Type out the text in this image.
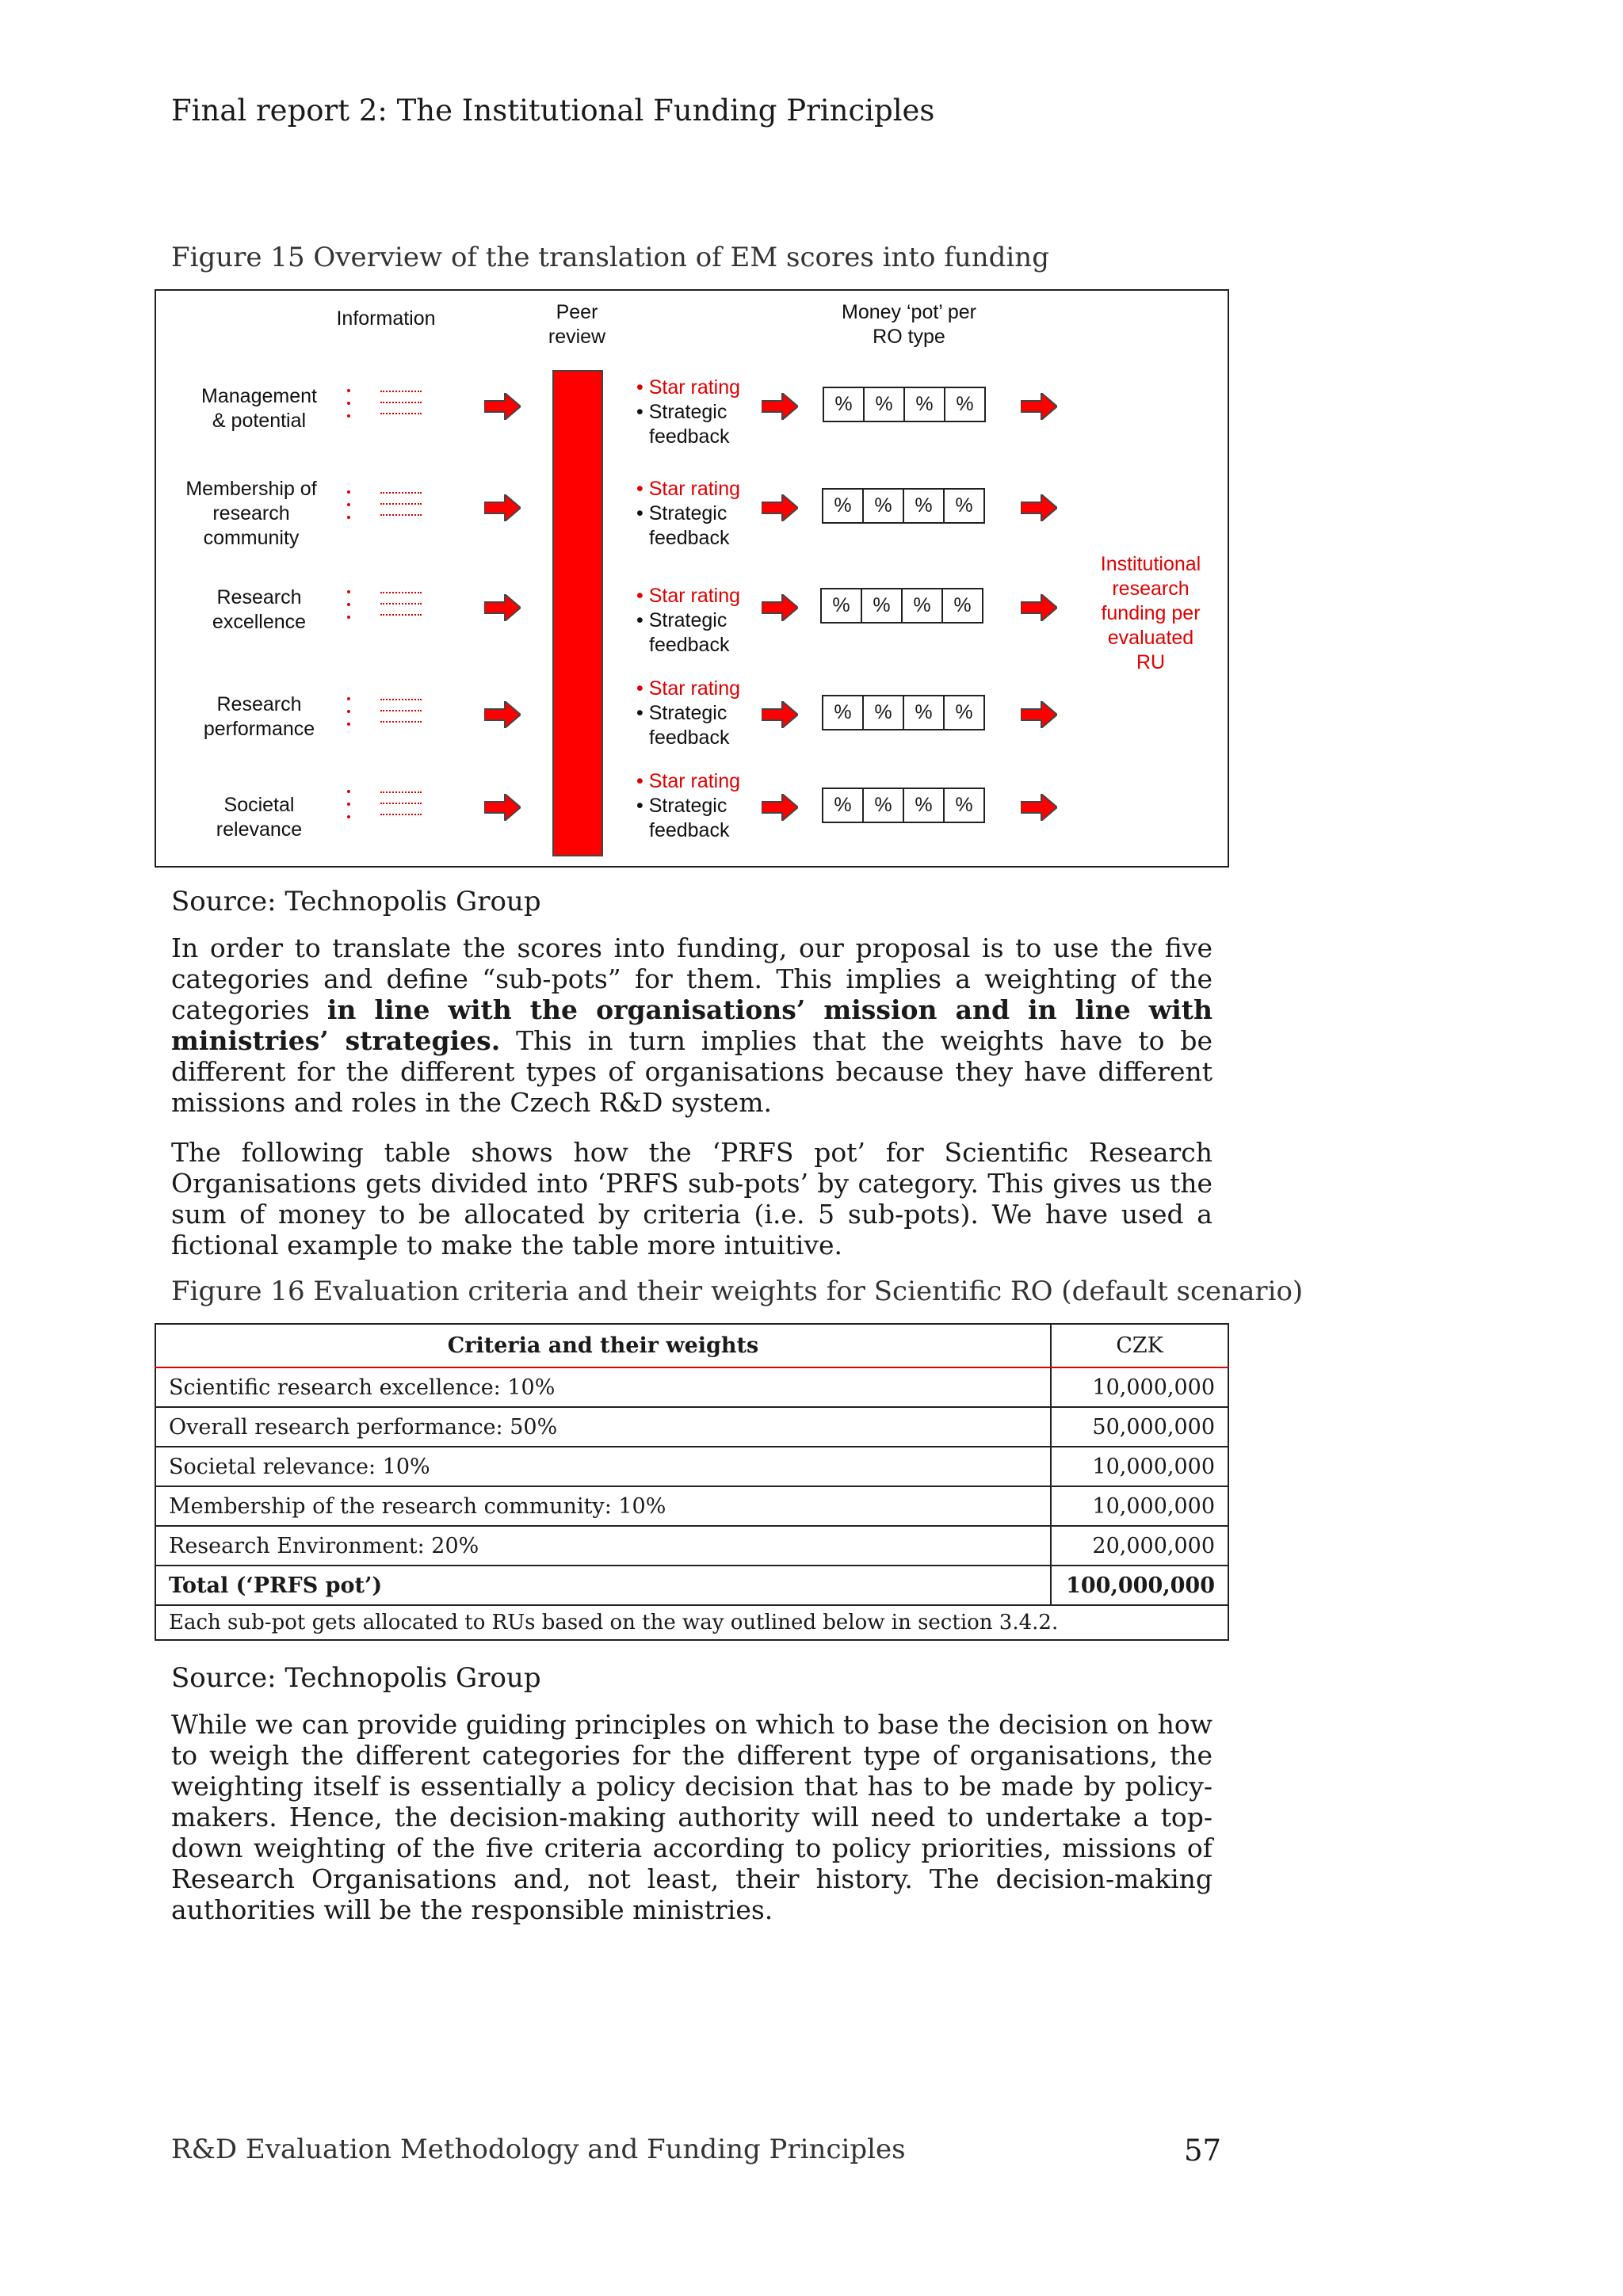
Final report 2: The Institutional Funding Principles
Figure 15 Overview of the translation of EM scores into funding
Information	Peer
review
Money ‘pot’ per
RO type
Management
& potential
• Star rating
• Strategic
feedback
%	%	%	%
Membership of
research
community
• Star rating
• Strategic
feedback
%	%	%	%
Research
excellence
• Star rating
• Strategic
feedback
%	%	%	%
Institutional
research
funding per
evaluated
RU
Research
performance
• Star rating
• Strategic
feedback
%	%	%	%
Societal
relevance
• Star rating
• Strategic
feedback
%	%	%	%
Source: Technopolis Group
In order to translate the scores into funding, our proposal is to use the five categories and define “sub-pots” for them. This implies a weighting of the categories in line with the organisations’ mission and in line with ministries’ strategies. This in turn implies that the weights have to be different for the different types of organisations because they have different missions and roles in the Czech R&D system.
The following table shows how the ‘PRFS pot’ for Scientific Research Organisations gets divided into ‘PRFS sub-pots’ by category. This gives us the sum of money to be allocated by criteria (i.e. 5 sub-pots). We have used a fictional example to make the table more intuitive.
Figure 16 Evaluation criteria and their weights for Scientific RO (default scenario)
Criteria and their weights	CZK
Scientific research excellence: 10%	10,000,000
Overall research performance: 50%	50,000,000
Societal relevance: 10%	10,000,000
Membership of the research community: 10%	10,000,000
Research Environment: 20%	20,000,000
Total (‘PRFS pot’)	100,000,000
Each sub-pot gets allocated to RUs based on the way outlined below in section 3.4.2.	
Source: Technopolis Group
While we can provide guiding principles on which to base the decision on how to weigh the different categories for the different type of organisations, the weighting itself is essentially a policy decision that has to be made by policy-makers. Hence, the decision-making authority will need to undertake a top-down weighting of the five criteria according to policy priorities, missions of Research Organisations and, not least, their history. The decision-making authorities will be the responsible ministries.
R&D Evaluation Methodology and Funding Principles	57
